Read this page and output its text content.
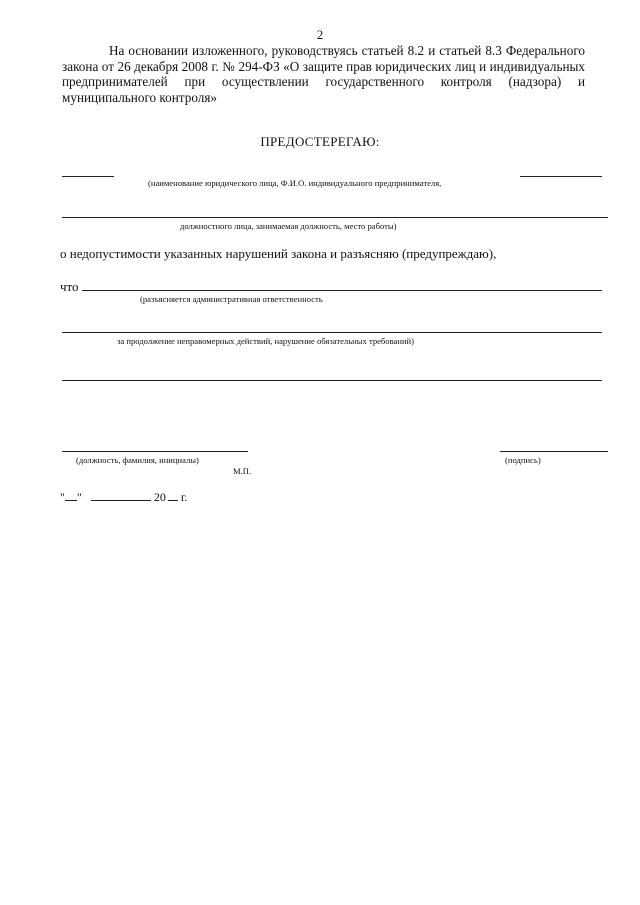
2

На основании изложенного, руководствуясь статьей 8.2 и статьей 8.3 Федерального закона от 26 декабря 2008 г. № 294-ФЗ «О защите прав юридических лиц и индивидуальных предпринимателей при осуществлении государственного контроля (надзора) и муниципального контроля»

ПРЕДОСТЕРЕГАЮ:
(наименование юридического лица, Ф.И.О. индивидуального предпринимателя,
должностного лица, занимаемая должность, место работы)
о недопустимости указанных нарушений закона и разъясняю (предупреждаю),
что
(разъясняется административная ответственность
за продолжение неправомерных действий, нарушение обязательных требований)
(должность, фамилия, инициалы)	(подпись)
М.П.
" "	20 г.
